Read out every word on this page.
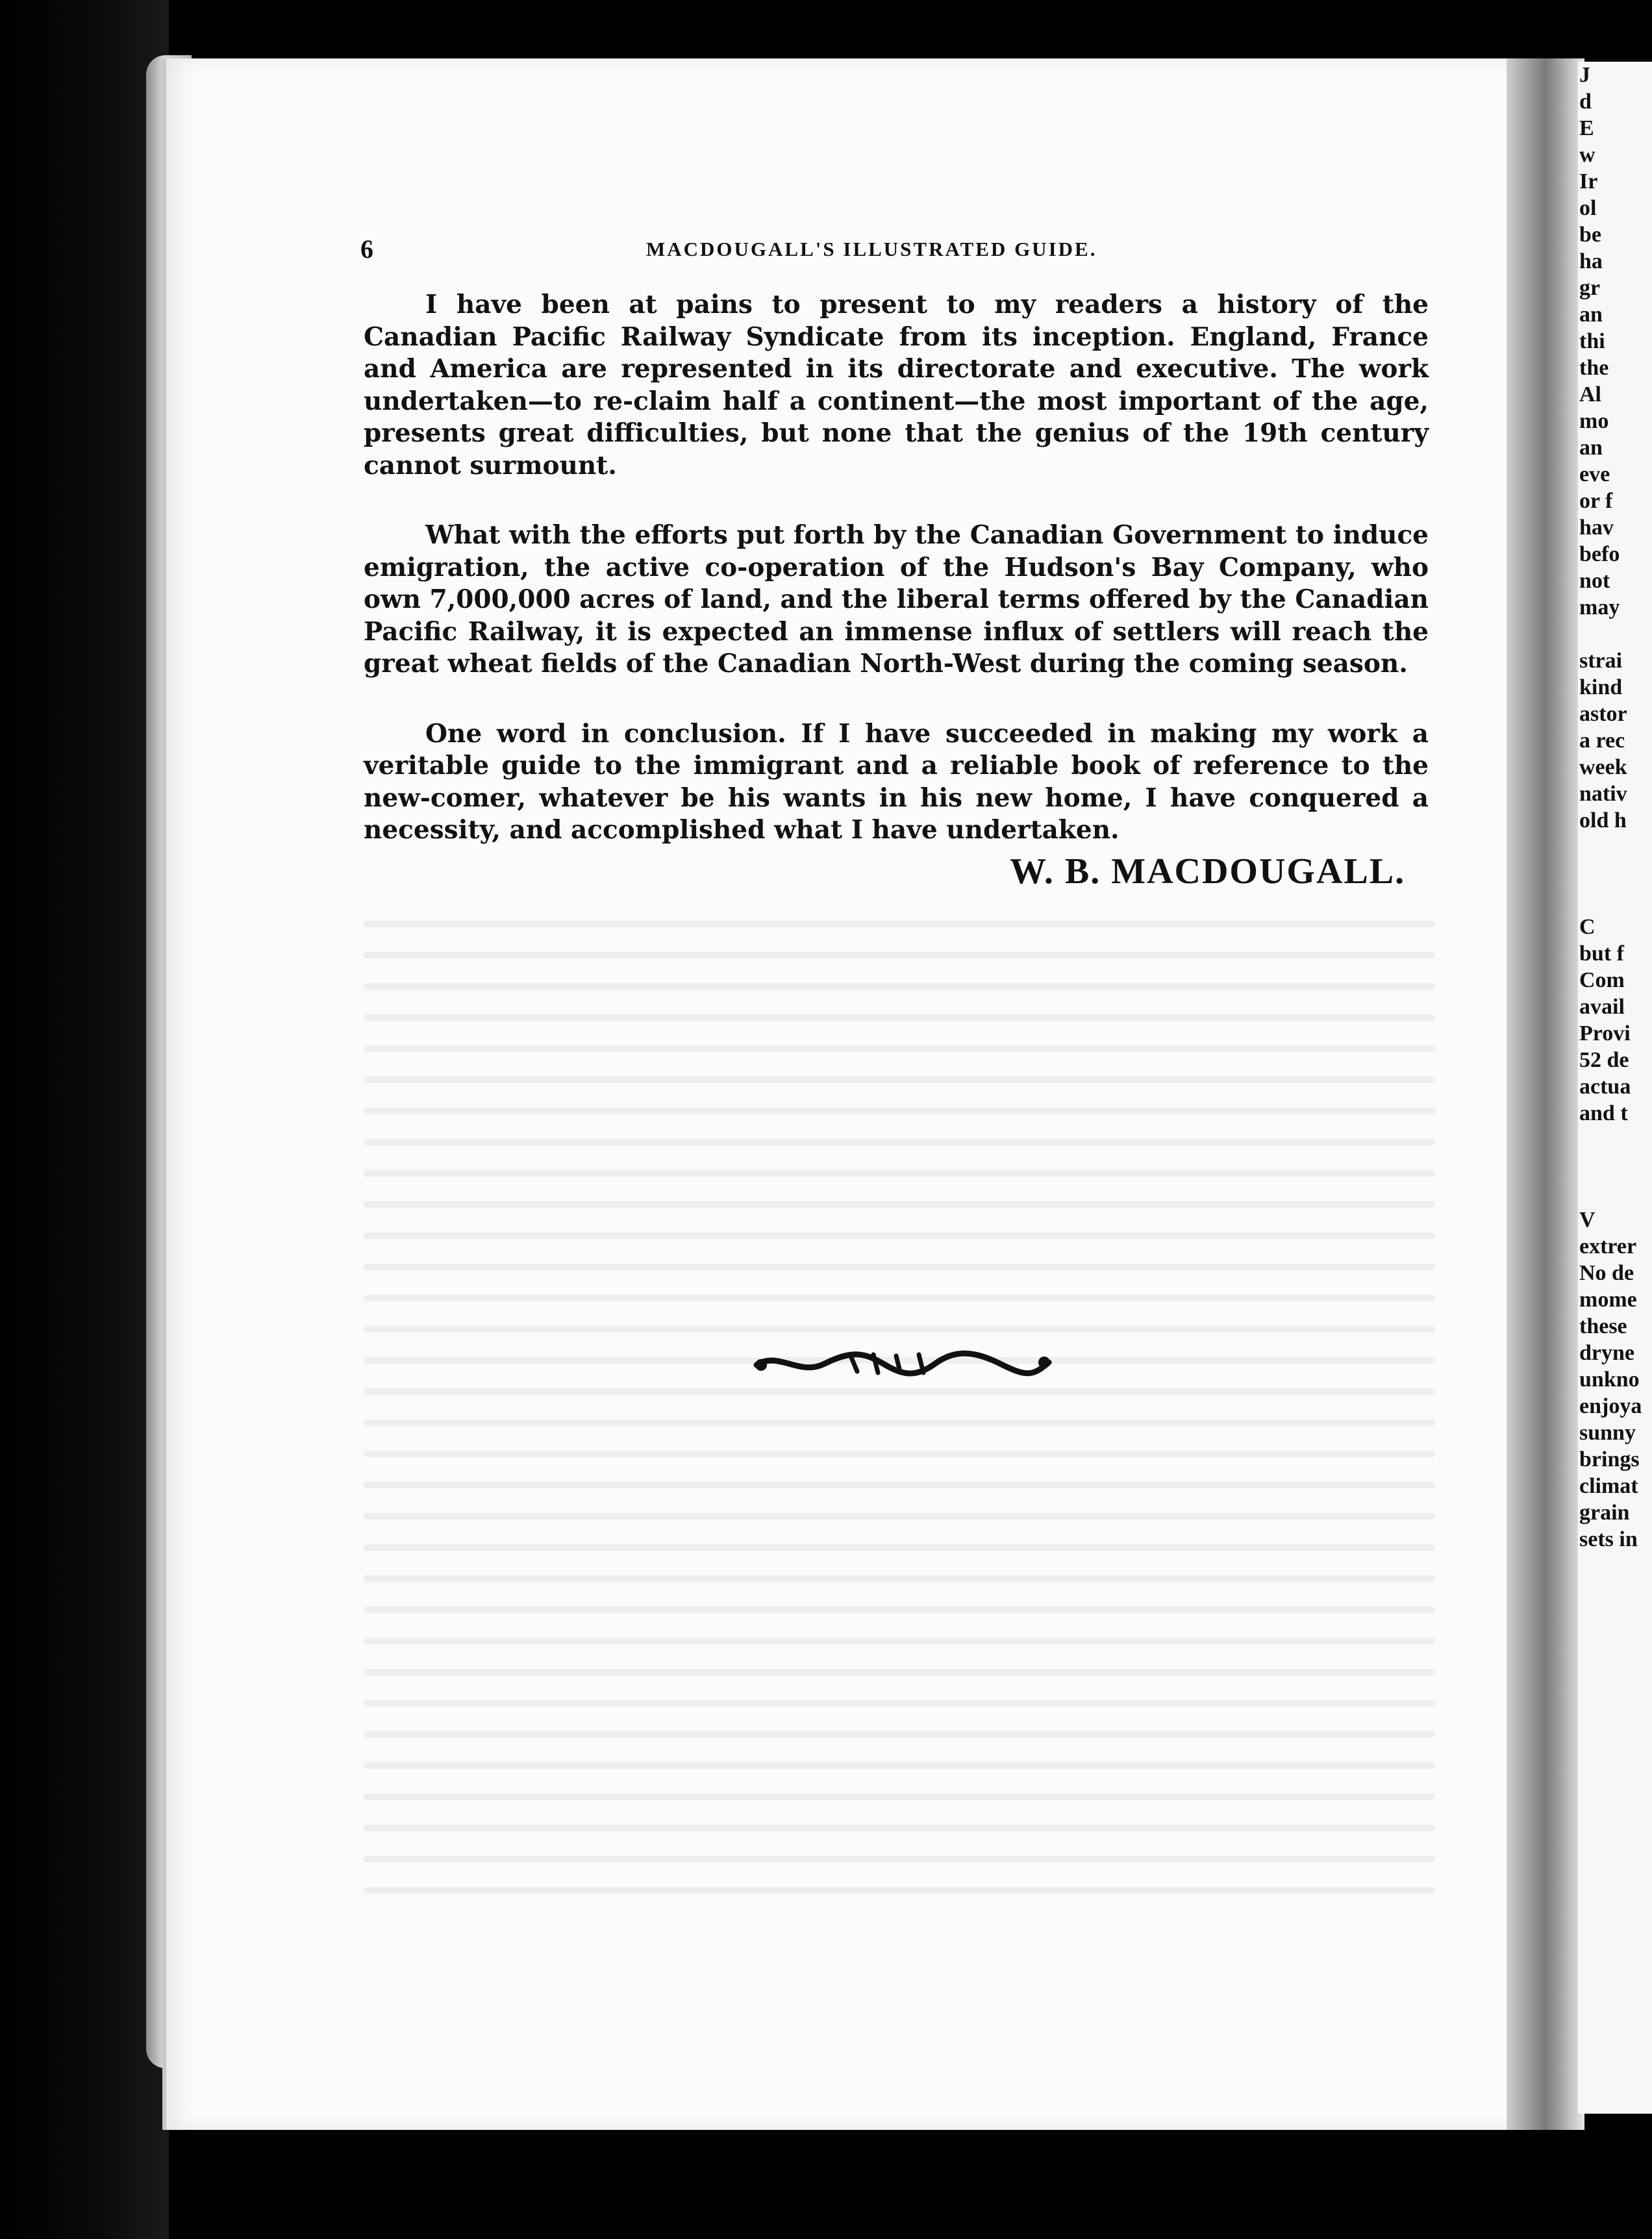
J
d
E
w
Ir
ol
be
ha
gr
an
thi
the
Al
mo
an
eve
or f
hav
befo
not
may

strai
kind
astor
a rec
week
nativ
old h

C
but f
Com
avail
Provi
52 de
actua
and t

V
extrer
No de
mome
these
dryne
unkno
enjoya
sunny
brings
climat
grain
sets in
6	MACDOUGALL'S ILLUSTRATED GUIDE.

I have been at pains to present to my readers a history of the Canadian Pacific Railway Syndicate from its inception. England, France and America are represented in its directorate and executive. The work undertaken—to re-claim half a continent—the most important of the age, presents great difficulties, but none that the genius of the 19th century cannot surmount.

What with the efforts put forth by the Canadian Government to induce emigration, the active co-operation of the Hudson's Bay Company, who own 7,000,000 acres of land, and the liberal terms offered by the Canadian Pacific Railway, it is expected an immense influx of settlers will reach the great wheat fields of the Canadian North-West during the coming season.

One word in conclusion. If I have succeeded in making my work a veritable guide to the immigrant and a reliable book of reference to the new-comer, whatever be his wants in his new home, I have conquered a necessity, and accomplished what I have undertaken.

W. B. MACDOUGALL.
